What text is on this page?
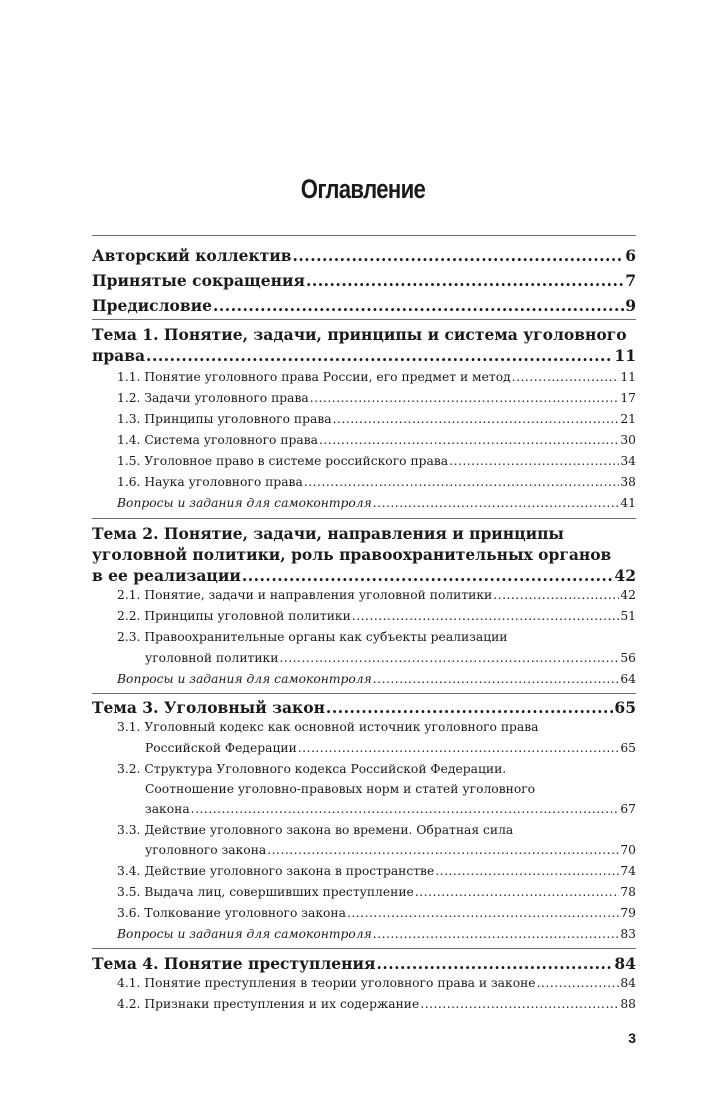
Оглавление
Авторский коллектив .....	6
Принятые сокращения .....	7
Предисловие .....	9
Тема 1. Понятие, задачи, принципы и система уголовного
права .....	11
1.1. Понятие уголовного права России, его предмет и метод .....	11
1.2. Задачи уголовного права .....	17
1.3. Принципы уголовного права .....	21
1.4. Система уголовного права .....	30
1.5. Уголовное право в системе российского права .....	34
1.6. Наука уголовного права .....	38
Вопросы и задания для самоконтроля .....	41
Тема 2. Понятие, задачи, направления и принципы
уголовной политики, роль правоохранительных органов
в ее реализации .....	42
2.1. Понятие, задачи и направления уголовной политики .....	42
2.2. Принципы уголовной политики .....	51
2.3. Правоохранительные органы как субъекты реализации
уголовной политики .....	56
Вопросы и задания для самоконтроля .....	64
Тема 3. Уголовный закон .....	65
3.1. Уголовный кодекс как основной источник уголовного права
Российской Федерации .....	65
3.2. Структура Уголовного кодекса Российской Федерации.
Соотношение уголовно-правовых норм и статей уголовного
закона .....	67
3.3. Действие уголовного закона во времени. Обратная сила
уголовного закона .....	70
3.4. Действие уголовного закона в пространстве .....	74
3.5. Выдача лиц, совершивших преступление .....	78
3.6. Толкование уголовного закона .....	79
Вопросы и задания для самоконтроля .....	83
Тема 4. Понятие преступления .....	84
4.1. Понятие преступления в теории уголовного права и законе .....	84
4.2. Признаки преступления и их содержание .....	88
3
